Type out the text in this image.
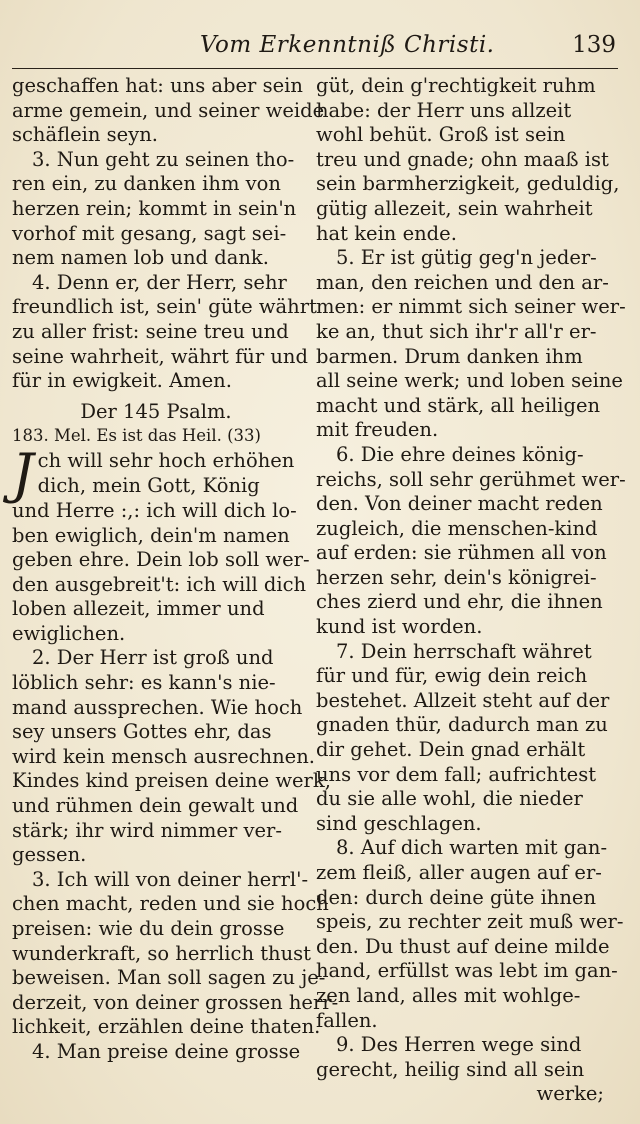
Vom Erkenntniß Christi.	139
geschaffen hat: uns aber sein
arme gemein, und seiner weide
schäflein seyn.
3. Nun geht zu seinen tho-
ren ein, zu danken ihm von
herzen rein; kommt in sein'n
vorhof mit gesang, sagt sei-
nem namen lob und dank.
4. Denn er, der Herr, sehr
freundlich ist, sein' güte währt
zu aller frist: seine treu und
seine wahrheit, währt für und
für in ewigkeit. Amen.
Der 145 Psalm.
183. Mel. Es ist das Heil. (33)
J ch will sehr hoch erhöhen
dich, mein Gott, König
und Herre :,: ich will dich lo-
ben ewiglich, dein'm namen
geben ehre. Dein lob soll wer-
den ausgebreit't: ich will dich
loben allezeit, immer und
ewiglichen.
2. Der Herr ist groß und
löblich sehr: es kann's nie-
mand aussprechen. Wie hoch
sey unsers Gottes ehr, das
wird kein mensch ausrechnen.
Kindes kind preisen deine werk,
und rühmen dein gewalt und
stärk; ihr wird nimmer ver-
gessen.
3. Ich will von deiner herrl'-
chen macht, reden und sie hoch
preisen: wie du dein grosse
wunderkraft, so herrlich thust
beweisen. Man soll sagen zu je-
derzeit, von deiner grossen herr-
lichkeit, erzählen deine thaten.
4. Man preise deine grosse
güt, dein g'rechtigkeit ruhm
habe: der Herr uns allzeit
wohl behüt. Groß ist sein
treu und gnade; ohn maaß ist
sein barmherzigkeit, geduldig,
gütig allezeit, sein wahrheit
hat kein ende.
5. Er ist gütig geg'n jeder-
man, den reichen und den ar-
men: er nimmt sich seiner wer-
ke an, thut sich ihr'r all'r er-
barmen. Drum danken ihm
all seine werk; und loben seine
macht und stärk, all heiligen
mit freuden.
6. Die ehre deines könig-
reichs, soll sehr gerühmet wer-
den. Von deiner macht reden
zugleich, die menschen-kind
auf erden: sie rühmen all von
herzen sehr, dein's königrei-
ches zierd und ehr, die ihnen
kund ist worden.
7. Dein herrschaft währet
für und für, ewig dein reich
bestehet. Allzeit steht auf der
gnaden thür, dadurch man zu
dir gehet. Dein gnad erhält
uns vor dem fall; aufrichtest
du sie alle wohl, die nieder
sind geschlagen.
8. Auf dich warten mit gan-
zem fleiß, aller augen auf er-
den: durch deine güte ihnen
speis, zu rechter zeit muß wer-
den. Du thust auf deine milde
hand, erfüllst was lebt im gan-
zen land, alles mit wohlge-
fallen.
9. Des Herren wege sind
gerecht, heilig sind all sein
werke;
